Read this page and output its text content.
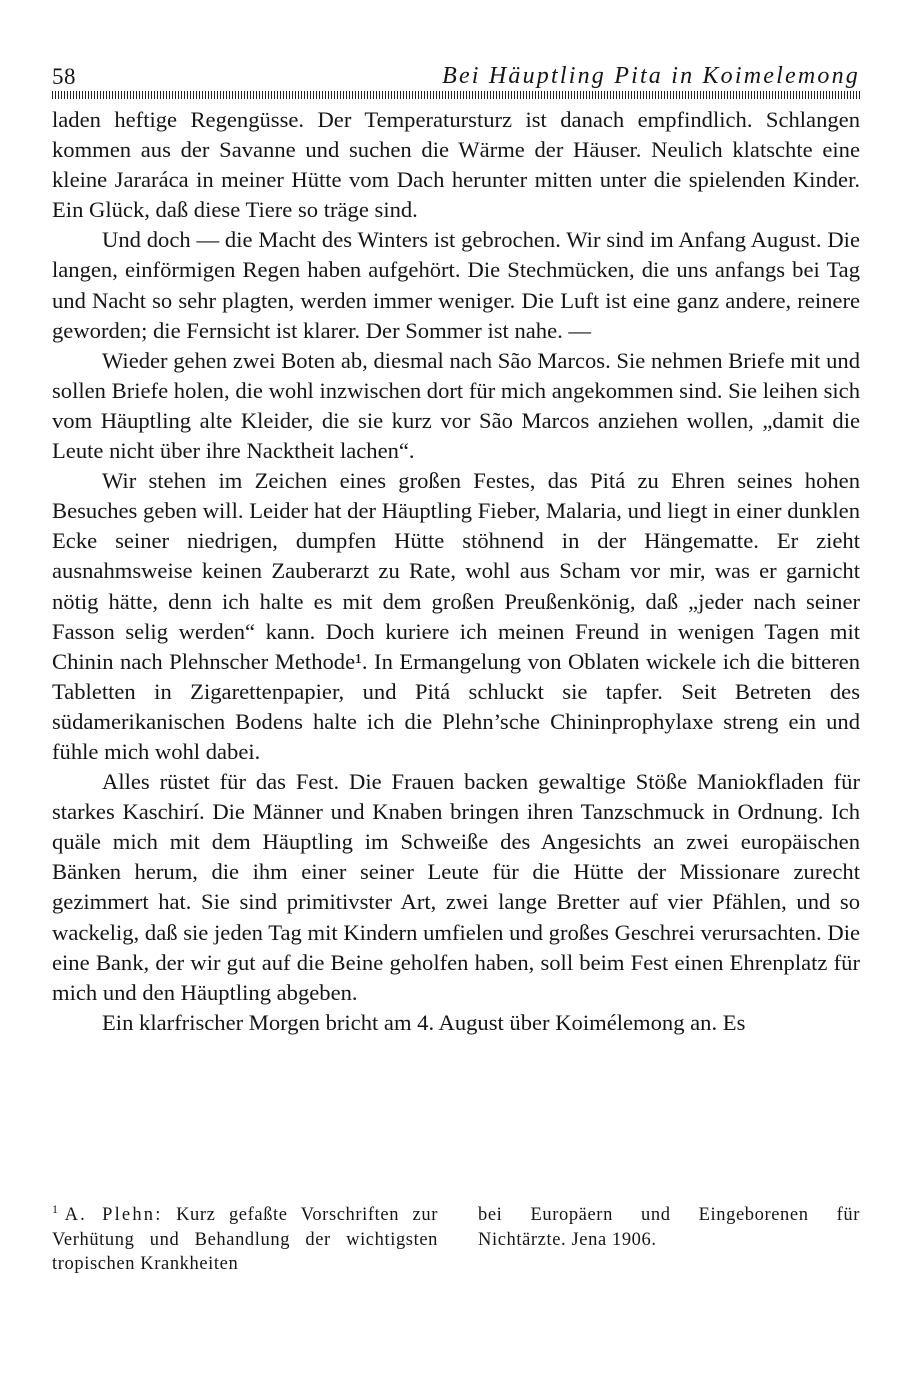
58	Bei Häuptling Pita in Koimelemong

laden heftige Regengüsse. Der Temperatursturz ist danach empfindlich. Schlangen kommen aus der Savanne und suchen die Wärme der Häuser. Neulich klatschte eine kleine Jararáca in meiner Hütte vom Dach herunter mitten unter die spielenden Kinder. Ein Glück, daß diese Tiere so träge sind.

Und doch — die Macht des Winters ist gebrochen. Wir sind im Anfang August. Die langen, einförmigen Regen haben aufgehört. Die Stechmücken, die uns anfangs bei Tag und Nacht so sehr plagten, werden immer weniger. Die Luft ist eine ganz andere, reinere geworden; die Fernsicht ist klarer. Der Sommer ist nahe. —

Wieder gehen zwei Boten ab, diesmal nach São Marcos. Sie nehmen Briefe mit und sollen Briefe holen, die wohl inzwischen dort für mich angekommen sind. Sie leihen sich vom Häuptling alte Kleider, die sie kurz vor São Marcos anziehen wollen, „damit die Leute nicht über ihre Nacktheit lachen“.

Wir stehen im Zeichen eines großen Festes, das Pitá zu Ehren seines hohen Besuches geben will. Leider hat der Häuptling Fieber, Malaria, und liegt in einer dunklen Ecke seiner niedrigen, dumpfen Hütte stöhnend in der Hängematte. Er zieht ausnahmsweise keinen Zauberarzt zu Rate, wohl aus Scham vor mir, was er garnicht nötig hätte, denn ich halte es mit dem großen Preußenkönig, daß „jeder nach seiner Fasson selig werden“ kann. Doch kuriere ich meinen Freund in wenigen Tagen mit Chinin nach Plehnscher Methode¹. In Ermangelung von Oblaten wickele ich die bitteren Tabletten in Zigarettenpapier, und Pitá schluckt sie tapfer. Seit Betreten des südamerikanischen Bodens halte ich die Plehn’sche Chininprophylaxe streng ein und fühle mich wohl dabei.

Alles rüstet für das Fest. Die Frauen backen gewaltige Stöße Maniokfladen für starkes Kaschirí. Die Männer und Knaben bringen ihren Tanzschmuck in Ordnung. Ich quäle mich mit dem Häuptling im Schweiße des Angesichts an zwei europäischen Bänken herum, die ihm einer seiner Leute für die Hütte der Missionare zurecht gezimmert hat. Sie sind primitivster Art, zwei lange Bretter auf vier Pfählen, und so wackelig, daß sie jeden Tag mit Kindern umfielen und großes Geschrei verursachten. Die eine Bank, der wir gut auf die Beine geholfen haben, soll beim Fest einen Ehrenplatz für mich und den Häuptling abgeben.

Ein klarfrischer Morgen bricht am 4. August über Koimélemong an. Es

$^1$ A. Plehn: Kurz gefaßte Vorschriften zur Verhütung und Behandlung der wichtigsten tropischen Krankheiten
bei Europäern und Eingeborenen für Nichtärzte. Jena 1906.
